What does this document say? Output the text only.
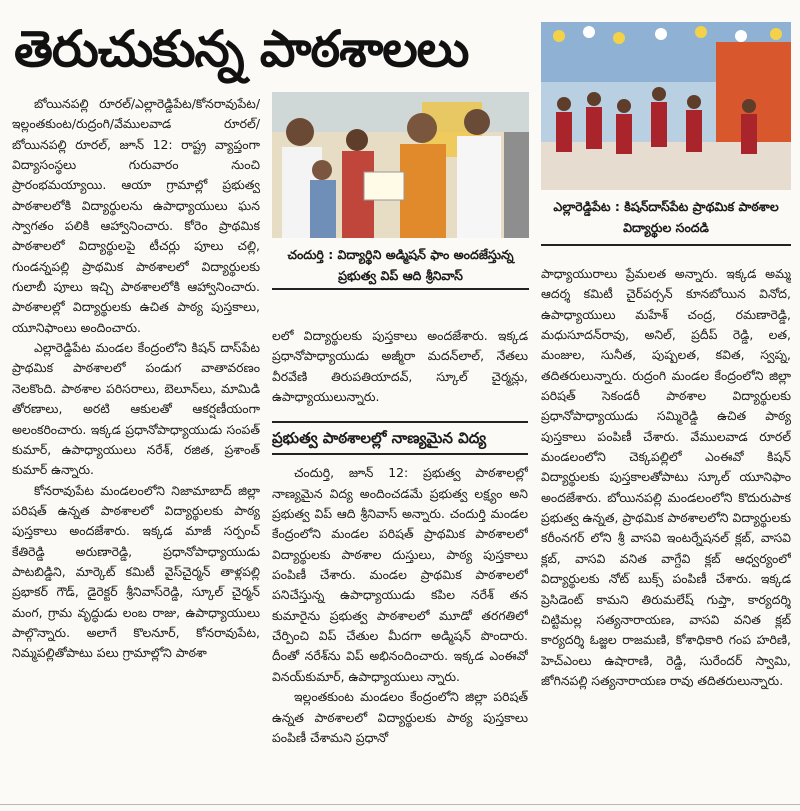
తెరుచుకున్న పాఠశాలలు

బోయినపల్లి రూరల్/ఎల్లారెడ్డిపేట/కోనరావుపేట/ఇల్లంతకుంట/రుద్రంగి/వేములవాడ రూరల్/బోయినపల్లి రూరల్, జూన్ 12: రాష్ట్ర వ్యాప్తంగా విద్యాసంస్థలు గురువారం నుంచి ప్రారంభమయ్యాయి. ఆయా గ్రామాల్లో ప్రభుత్వ పాఠశాలలోకి విద్యార్థులను ఉపాధ్యాయులు ఘన స్వాగతం పలికి ఆహ్వానించారు. కోరెం ప్రాథమిక పాఠశాలలో విద్యార్థులపై టీచర్లు పూలు చల్లి, గుండన్నపల్లి ప్రాథమిక పాఠశాలలో విద్యార్థులకు గులాబీ పూలు ఇచ్చి పాఠశాలలోకి ఆహ్వానించారు. పాఠశాలల్లో విద్యార్థులకు ఉచిత పాఠ్య పుస్తకాలు, యూనిఫాంలు అందించారు.

ఎల్లారెడ్డిపేట మండల కేంద్రంలోని కిషన్ దాస్‌పేట ప్రాథమిక పాఠశాలలో పండుగ వాతావరణం నెలకొంది. పాఠశాల పరిసరాలు, బెలూన్‌లు, మామిడి తోరణాలు, అరటి ఆకులతో ఆకర్షణీయంగా అలంకరించారు. ఇక్కడ ప్రధానోపాధ్యాయుడు సంపత్ కుమార్, ఉపాధ్యాయులు నరేశ్, రజిత, ప్రశాంత్ కుమార్ ఉన్నారు.

కోనరావుపేట మండలంలోని నిజామాబాద్ జిల్లా పరిషత్ ఉన్నత పాఠశాలలో విద్యార్థులకు పాఠ్య పుస్తకాలు అందజేశారు. ఇక్కడ మాజీ సర్పంచ్ కేతిరెడ్డి అరుణారెడ్డి, ప్రధానోపాధ్యాయుడు పాటబిడ్డిని, మార్కెట్ కమిటీ వైస్‌చైర్మన్ తాళ్లపల్లి ప్రభాకర్ గౌడ్, డైరెక్టర్ శ్రీనివాస్‌రెడ్డి, స్కూల్ చైర్మన్ మంగ, గ్రామ వృద్ధుడు లంబ రాజు, ఉపాధ్యాయులు పాల్గొన్నారు. అలాగే కొలనూర్, కోనరావుపేట, నిమ్మపల్లితోపాటు పలు గ్రామాల్లోని పాఠశా

చందుర్తి : విద్యార్థిని అడ్మిషన్ ఫాం అందజేస్తున్న ప్రభుత్వ విప్ ఆది శ్రీనివాస్
ఎల్లారెడ్డిపేట : కిషన్‌దాస్‌పేట ప్రాథమిక పాఠశాల విద్యార్థుల సందడి

లలో విద్యార్థులకు పుస్తకాలు అందజేశారు. ఇక్కడ ప్రధానోపాధ్యాయుడు అజ్మీరా మదన్‌లాల్, నేతలు వీరవేణి తిరుపతియాదవ్, స్కూల్ చైర్మన్లు, ఉపాధ్యాయులున్నారు.

ప్రభుత్వ పాఠశాలల్లో నాణ్యమైన విద్య

చందుర్తి, జూన్ 12: ప్రభుత్వ పాఠశాలల్లో నాణ్యమైన విద్య అందించడమే ప్రభుత్వ లక్ష్యం అని ప్రభుత్వ విప్ ఆది శ్రీనివాస్ అన్నారు. చందుర్తి మండల కేంద్రంలోని మండల పరిషత్ ప్రాథమిక పాఠశాలలో విద్యార్థులకు పాఠశాల దుస్తులు, పాఠ్య పుస్తకాలు పంపిణీ చేశారు. మండల ప్రాథమిక పాఠశాలలో పనిచేస్తున్న ఉపాధ్యాయుడు కపిల నరేశ్ తన కుమారైను ప్రభుత్వ పాఠశాలలో మూడో తరగతిలో చేర్పించి విప్ చేతుల మీదగా అడ్మిషన్ పొందారు. దీంతో నరేశ్‌ను విప్ అభినందించారు. ఇక్కడ ఎంఈవో వినయ్‌కుమార్, ఉపాధ్యాయులు న్నారు.

ఇల్లంతకుంట మండలం కేంద్రంలోని జిల్లా పరిషత్ ఉన్నత పాఠశాలలో విద్యార్థులకు పాఠ్య పుస్తకాలు పంపిణీ చేశామని ప్రధానో

పాధ్యాయురాలు ప్రేమలత అన్నారు. ఇక్కడ అమ్మ ఆదర్శ కమిటీ చైర్‌పర్సన్ కూనబోయిన వినోద, ఉపాధ్యాయులు మహేశ్ చంద్ర, రమణారెడ్డి, మధుసూదన్‌రావు, అనిల్, ప్రదీప్ రెడ్డి, లత, మంజుల, సునీత, పుష్పలత, కవిత, స్వప్న, తదితరులున్నారు. రుద్రంగి మండల కేంద్రంలోని జిల్లా పరిషత్ సెకండరీ పాఠశాల విద్యార్థులకు ప్రధానోపాధ్యాయుడు సమ్మిరెడ్డి ఉచిత పాఠ్య పుస్తకాలు పంపిణీ చేశారు. వేములవాడ రూరల్ మండలంలోని చెక్కపల్లిలో ఎంఈవో కిషన్ విద్యార్థులకు పుస్తకాలతోపాటు స్కూల్ యూనిఫాం అందజేశారు. బోయినపల్లి మండలంలోని కొదురుపాక ప్రభుత్వ ఉన్నత, ప్రాథమిక పాఠశాలలోని విద్యార్థులకు కరీంనగర్ లోని శ్రీ వాసవి ఇంటర్నేషనల్ క్లబ్, వాసవి క్లబ్, వాసవి వనిత వాగ్దేవి క్లబ్ ఆధ్వర్యంలో విద్యార్థులకు నోట్ బుక్స్ పంపిణీ చేశారు. ఇక్కడ ప్రెసిడెంట్ కామని తిరుమలేష్ గుప్తా, కార్యదర్శి చిట్టిమల్ల సత్యనారాయణ, వాసవి వనిత క్లబ్ కార్యదర్శి ఓజ్జల రాజమణి, కోశాధికారి గంప హరిణి, హెచ్‌ఎంలు ఉషారాణి, రెడ్డి, సురేందర్ స్వామి, జోగినపల్లి సత్యనారాయణ రావు తదితరులున్నారు.
